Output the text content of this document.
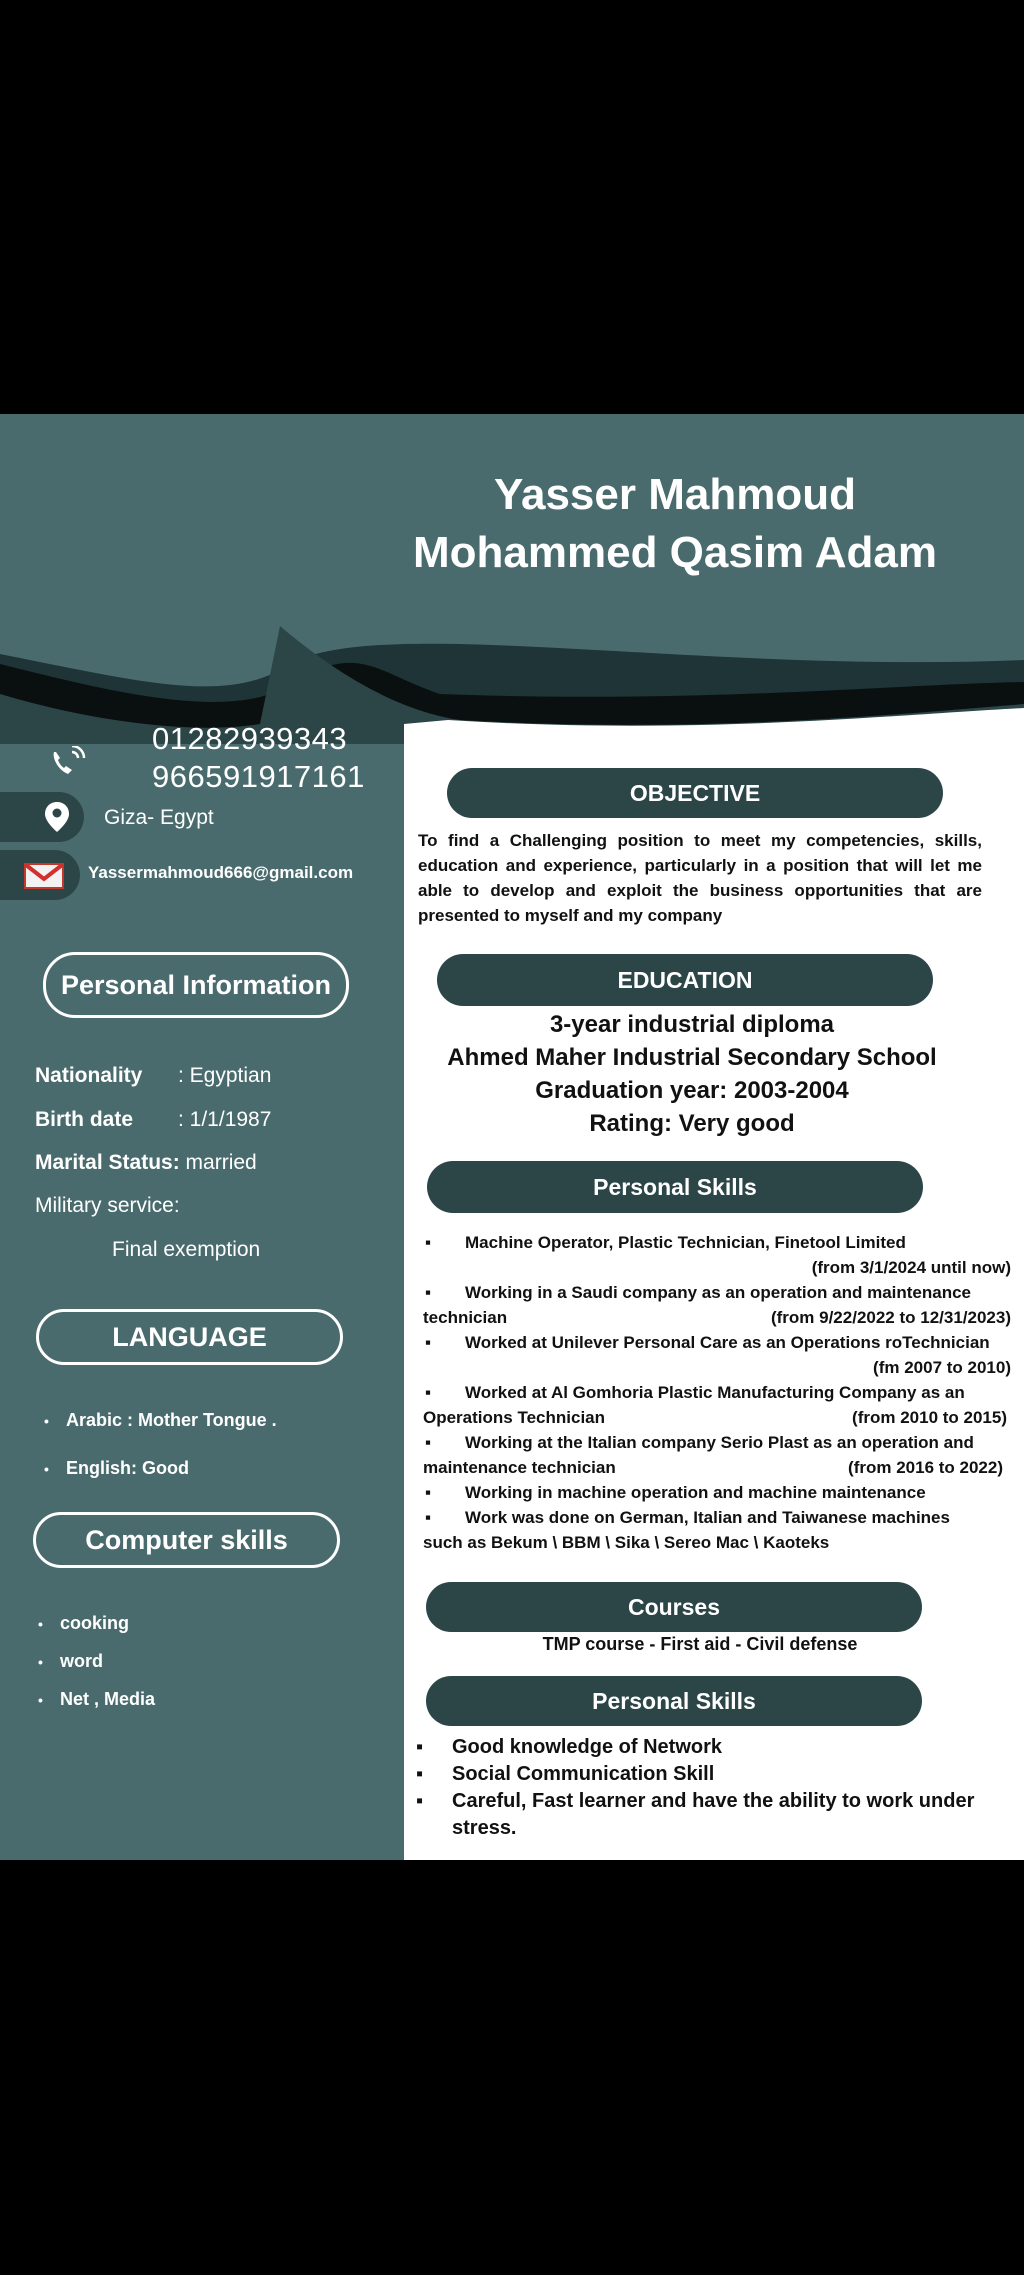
Yasser Mahmoud
Mohammed Qasim Adam
01282939343
966591917161
Giza- Egypt
Yassermahmoud666@gmail.com
Personal Information
Nationality : Egyptian
Birth date : 1/1/1987
Marital Status: married
Military service:
Final exemption
LANGUAGE
• Arabic : Mother Tongue .
• English: Good
Computer skills
• cooking
• word
• Net , Media
OBJECTIVE
To find a Challenging position to meet my competencies, skills, education and experience, particularly in a position that will let me able to develop and exploit the business opportunities that are presented to myself and my company
EDUCATION
3-year industrial diploma
Ahmed Maher Industrial Secondary School
Graduation year: 2003-2004
Rating: Very good
Personal Skills
▪ Machine Operator, Plastic Technician, Finetool Limited
(from 3/1/2024 until now)
▪ Working in a Saudi company as an operation and maintenance
technician	(from 9/22/2022 to 12/31/2023)
▪ Worked at Unilever Personal Care as an Operations roTechnician
(fm 2007 to 2010)
▪ Worked at Al Gomhoria Plastic Manufacturing Company as an
Operations Technician	(from 2010 to 2015)
▪ Working at the Italian company Serio Plast as an operation and
maintenance technician	(from 2016 to 2022)
▪ Working in machine operation and machine maintenance
▪ Work was done on German, Italian and Taiwanese machines
such as Bekum \ BBM \ Sika \ Sereo Mac \ Kaoteks
Courses
TMP course - First aid - Civil defense
Personal Skills
▪ Good knowledge of Network
▪ Social Communication Skill
▪ Careful, Fast learner and have the ability to work under stress.
